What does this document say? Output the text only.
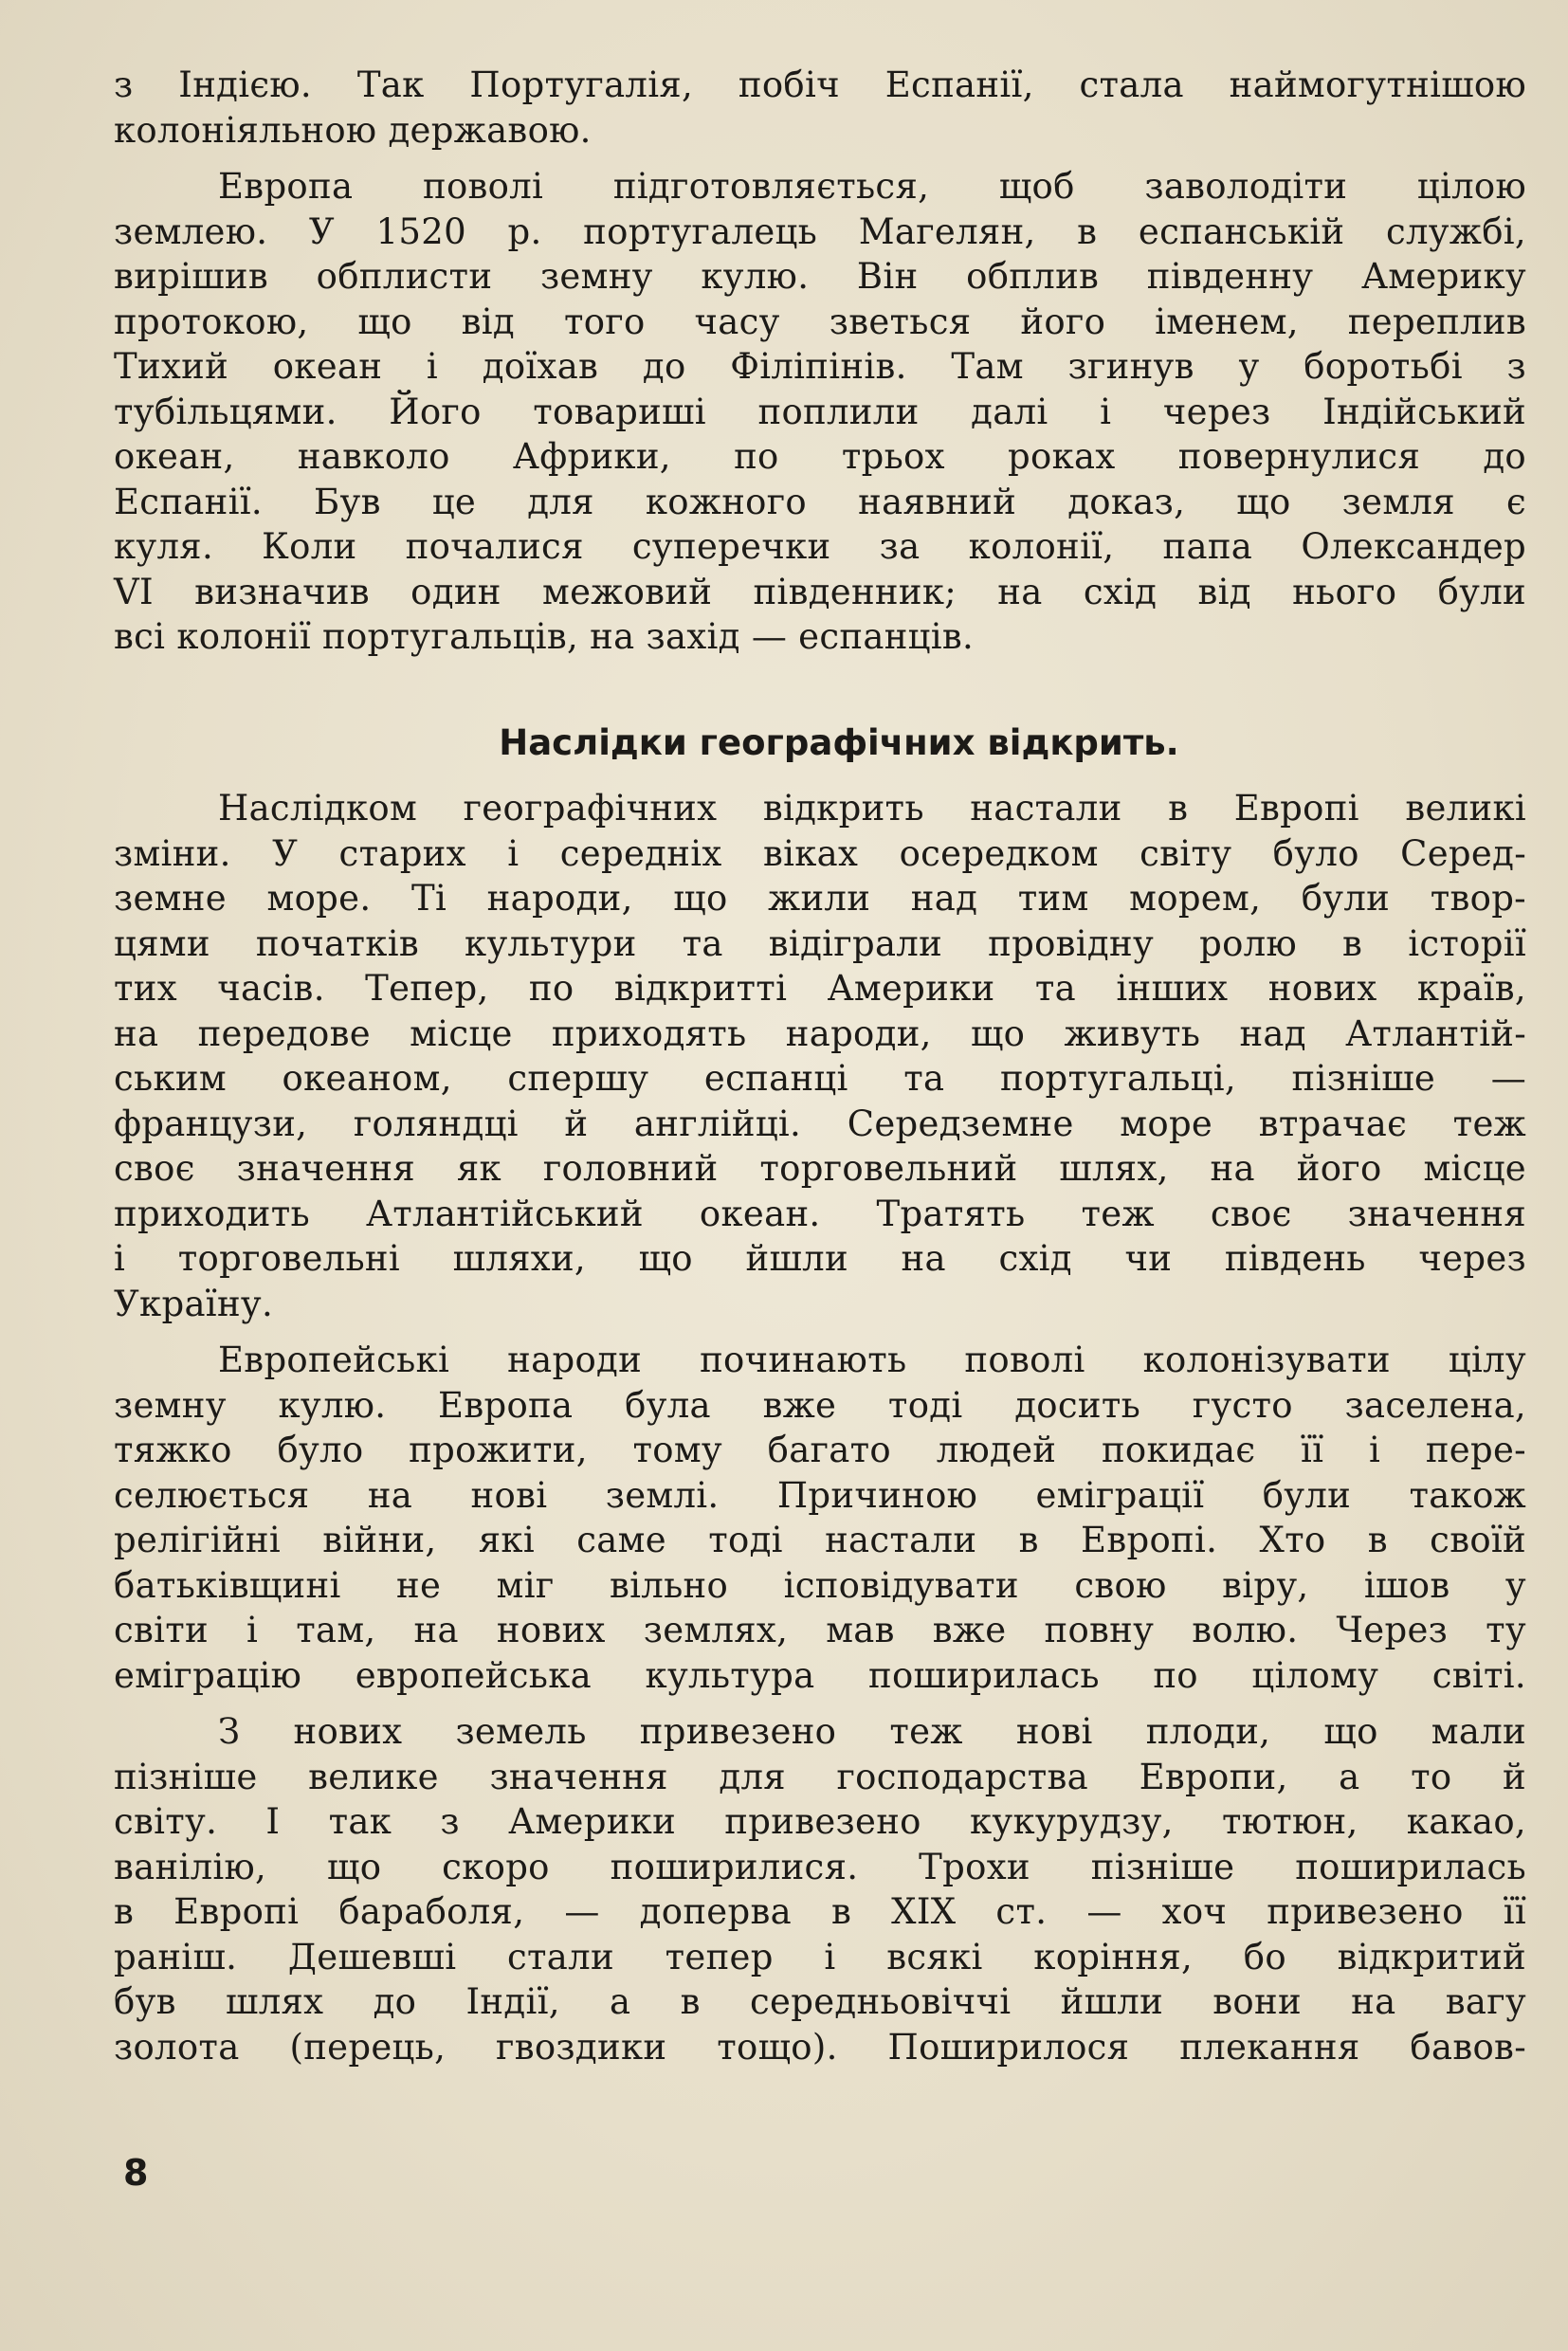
з Індією. Так Португалія, побіч Еспанії, стала наймогутнішою
колоніяльною державою.
Европа поволі підготовляється, щоб заволодіти цілою
землею. У 1520 р. португалець Магелян, в еспанській службі,
вирішив обплисти земну кулю. Він обплив південну Америку
протокою, що від того часу зветься його іменем, переплив
Тихий океан і доїхав до Філіпінів. Там згинув у боротьбі з
тубільцями. Його товариші поплили далі і через Індійський
океан, навколо Африки, по трьох роках повернулися до
Еспанії. Був це для кожного наявний доказ, що земля є
куля. Коли почалися суперечки за колонії, папа Олександер
VI визначив один межовий південник; на схід від нього були
всі колонії португальців, на захід — еспанців.
Наслідки географічних відкрить.
Наслідком географічних відкрить настали в Европі великі
зміни. У старих і середніх віках осередком світу було Серед-
земне море. Ті народи, що жили над тим морем, були твор-
цями початків культури та відіграли провідну ролю в історії
тих часів. Тепер, по відкритті Америки та інших нових країв,
на передове місце приходять народи, що живуть над Атлантій-
ським океаном, спершу еспанці та португальці, пізніше —
французи, голяндці й англійці. Середземне море втрачає теж
своє значення як головний торговельний шлях, на його місце
приходить Атлантійський океан. Тратять теж своє значення
і торговельні шляхи, що йшли на схід чи південь через
Україну.
Европейські народи починають поволі колонізувати цілу
земну кулю. Европа була вже тоді досить густо заселена,
тяжко було прожити, тому багато людей покидає її і пере-
селюється на нові землі. Причиною еміграції були також
релігійні війни, які саме тоді настали в Европі. Хто в своїй
батьківщині не міг вільно ісповідувати свою віру, ішов у
світи і там, на нових землях, мав вже повну волю. Через ту
еміграцію европейська культура поширилась по цілому світі.
З нових земель привезено теж нові плоди, що мали
пізніше велике значення для господарства Европи, а то й
світу. І так з Америки привезено кукурудзу, тютюн, какао,
ванілію, що скоро поширилися. Трохи пізніше поширилась
в Европі бараболя, — допервa в XIX ст. — хоч привезено її
раніш. Дешевші стали тепер і всякі коріння, бо відкритий
був шлях до Індії, а в середньовіччі йшли вони на вагу
золота (перець, гвоздики тощо). Поширилося плекання бавов-
8
